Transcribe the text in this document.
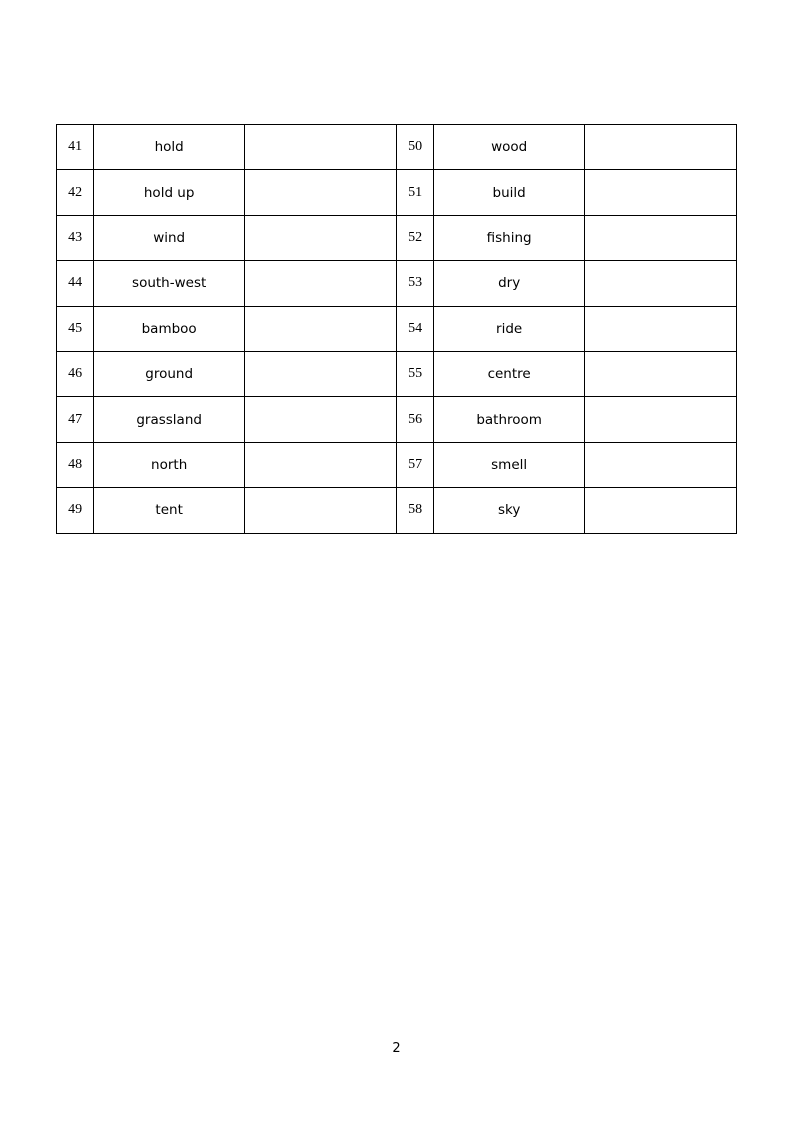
41	hold		50	wood	
42	hold up		51	build	
43	wind		52	fishing	
44	south-west		53	dry	
45	bamboo		54	ride	
46	ground		55	centre	
47	grassland		56	bathroom	
48	north		57	smell	
49	tent		58	sky	
2
